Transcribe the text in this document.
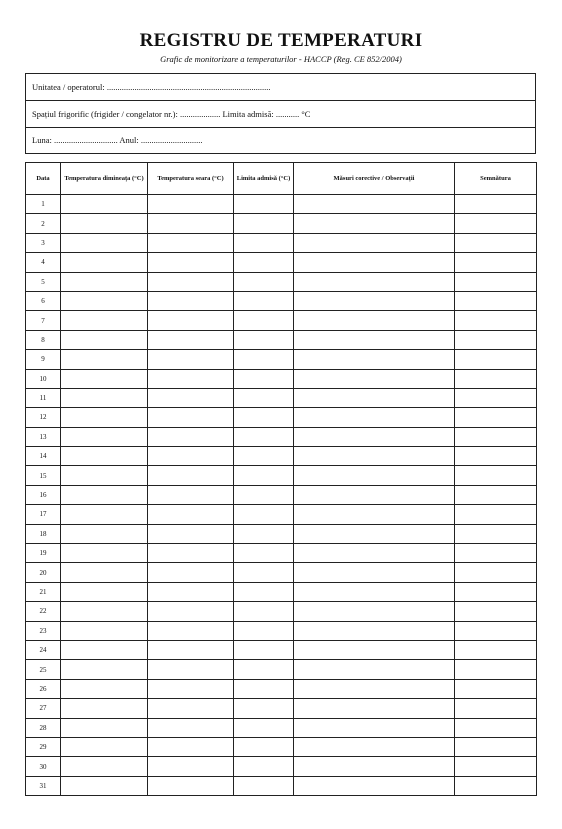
REGISTRU DE TEMPERATURI
Grafic de monitorizare a temperaturilor - HACCP (Reg. CE 852/2004)
Unitatea / operatorul: .............................................................................
Spațiul frigorific (frigider / congelator nr.): ................... Limita admisă: ........... °C
Luna: .............................. Anul: .............................
Data	Temperatura dimineața (°C)	Temperatura seara (°C)	Limita admisă (°C)	Măsuri corective / Observații	Semnătura
1					
2					
3					
4					
5					
6					
7					
8					
9					
10					
11					
12					
13					
14					
15					
16					
17					
18					
19					
20					
21					
22					
23					
24					
25					
26					
27					
28					
29					
30					
31					
